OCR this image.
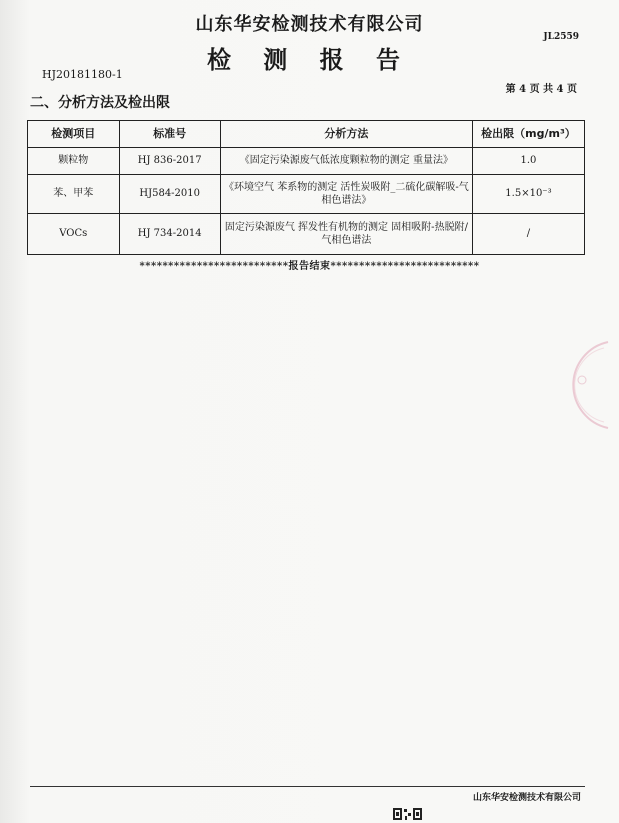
山东华安检测技术有限公司
检 测 报 告
JL2559
HJ20181180-1
第 4 页 共 4 页
二、分析方法及检出限
检测项目	标准号	分析方法	检出限（mg/m³）
颗粒物	HJ 836-2017	《固定污染源废气低浓度颗粒物的测定 重量法》	1.0
苯、甲苯	HJ584-2010	《环境空气 苯系物的测定 活性炭吸附_二硫化碳解吸-气相色谱法》	1.5×10⁻³
VOCs	HJ 734-2014	固定污染源废气 挥发性有机物的测定 固相吸附-热脱附/气相色谱法	/
**************************报告结束**************************
山东华安检测技术有限公司
